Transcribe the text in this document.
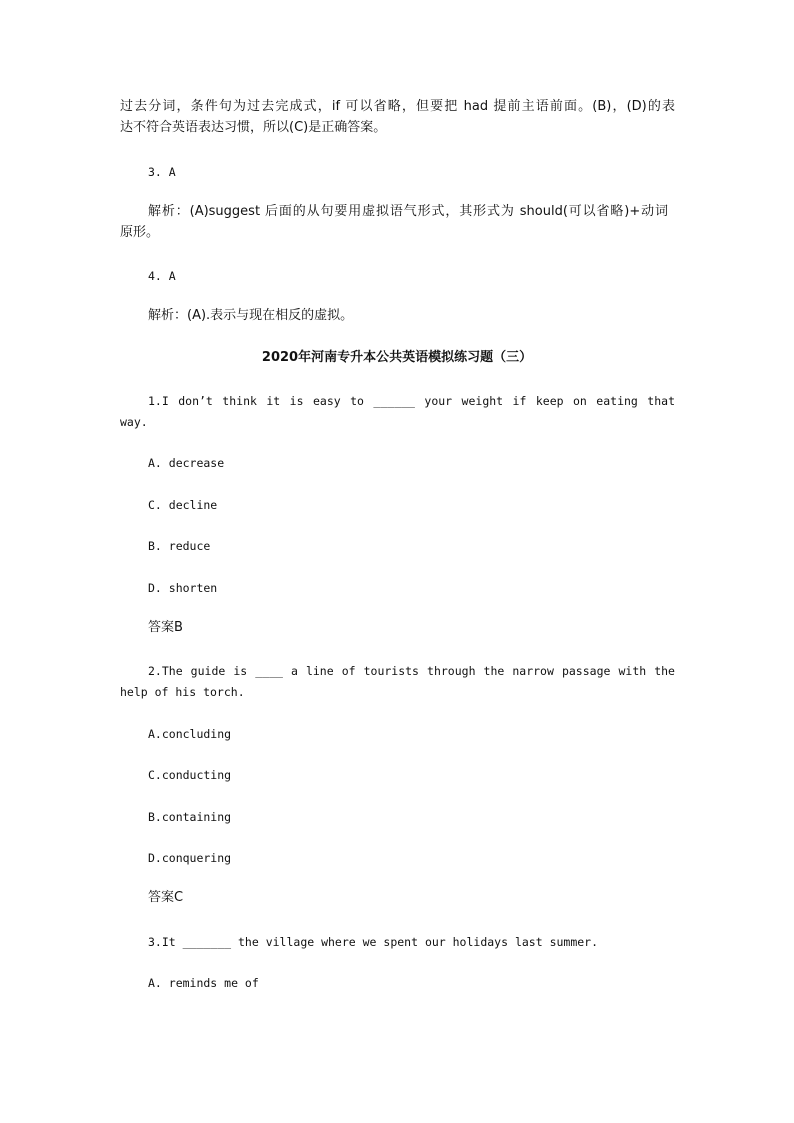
过去分词，条件句为过去完成式，if 可以省略，但要把 had 提前主语前面。(B)，(D)的表
达不符合英语表达习惯，所以(C)是正确答案。
3. A
解析：(A)suggest 后面的从句要用虚拟语气形式，其形式为 should(可以省略)+动词
原形。
4. A
解析：(A).表示与现在相反的虚拟。
2020年河南专升本公共英语模拟练习题（三）
1.I don’t think it is easy to ______ your weight if keep on eating that
way.
A. decrease
C. decline
B. reduce
D. shorten
答案B
2.The guide is ____ a line of tourists through the narrow passage with the
help of his torch.
A.concluding
C.conducting
B.containing
D.conquering
答案C
3.It _______ the village where we spent our holidays last summer.
A. reminds me of
